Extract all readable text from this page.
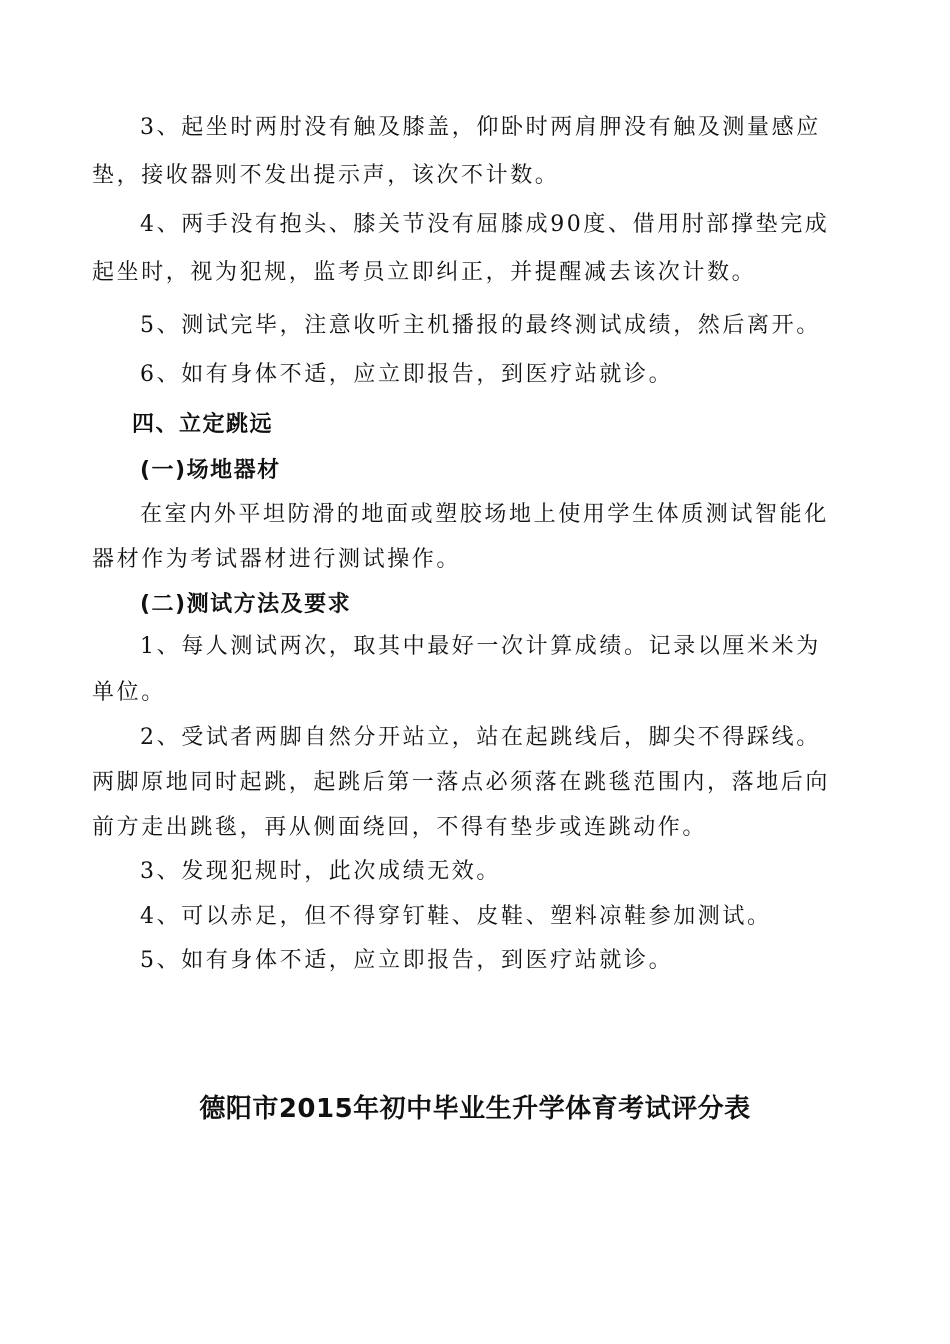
3、起坐时两肘没有触及膝盖，仰卧时两肩胛没有触及测量感应
垫，接收器则不发出提示声，该次不计数。
4、两手没有抱头、膝关节没有屈膝成90度、借用肘部撑垫完成
起坐时，视为犯规，监考员立即纠正，并提醒减去该次计数。
5、测试完毕，注意收听主机播报的最终测试成绩，然后离开。
6、如有身体不适，应立即报告，到医疗站就诊。
四、立定跳远
(一)场地器材
在室内外平坦防滑的地面或塑胶场地上使用学生体质测试智能化
器材作为考试器材进行测试操作。
(二)测试方法及要求
1、每人测试两次，取其中最好一次计算成绩。记录以厘米米为
单位。
2、受试者两脚自然分开站立，站在起跳线后，脚尖不得踩线。
两脚原地同时起跳，起跳后第一落点必须落在跳毯范围内，落地后向
前方走出跳毯，再从侧面绕回，不得有垫步或连跳动作。
3、发现犯规时，此次成绩无效。
4、可以赤足，但不得穿钉鞋、皮鞋、塑料凉鞋参加测试。
5、如有身体不适，应立即报告，到医疗站就诊。
德阳市2015年初中毕业生升学体育考试评分表
